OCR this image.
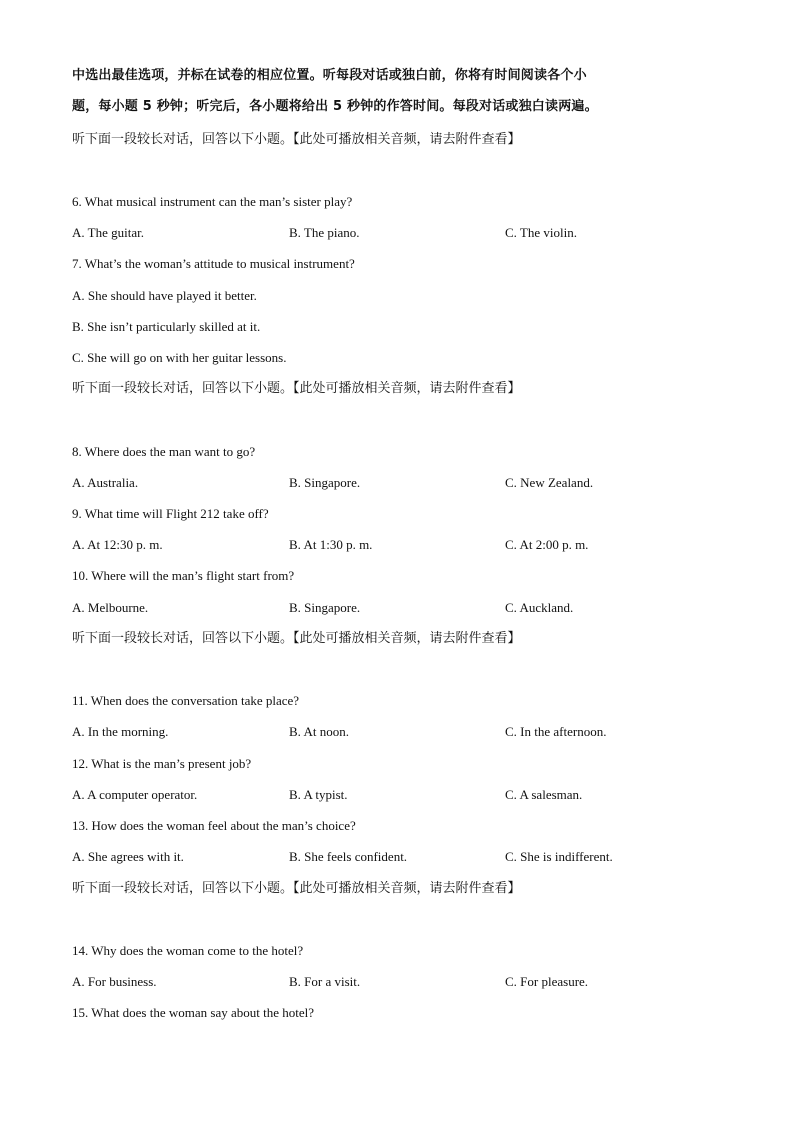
中选出最佳选项，并标在试卷的相应位置。听每段对话或独白前，你将有时间阅读各个小
题，每小题 5 秒钟；听完后，各小题将给出 5 秒钟的作答时间。每段对话或独白读两遍。
听下面一段较长对话，回答以下小题。【此处可播放相关音频，请去附件查看】
6. What musical instrument can the man’s sister play?
A. The guitar.	B. The piano.	C. The violin.
7. What’s the woman’s attitude to musical instrument?
A. She should have played it better.
B. She isn’t particularly skilled at it.
C. She will go on with her guitar lessons.
听下面一段较长对话，回答以下小题。【此处可播放相关音频，请去附件查看】
8. Where does the man want to go?
A. Australia.	B. Singapore.	C. New Zealand.
9. What time will Flight 212 take off?
A. At 12:30 p. m.	B. At 1:30 p. m.	C. At 2:00 p. m.
10. Where will the man’s flight start from?
A. Melbourne.	B. Singapore.	C. Auckland.
听下面一段较长对话，回答以下小题。【此处可播放相关音频，请去附件查看】
11. When does the conversation take place?
A. In the morning.	B. At noon.	C. In the afternoon.
12. What is the man’s present job?
A. A computer operator.	B. A typist.	C. A salesman.
13. How does the woman feel about the man’s choice?
A. She agrees with it.	B. She feels confident.	C. She is indifferent.
听下面一段较长对话，回答以下小题。【此处可播放相关音频，请去附件查看】
14. Why does the woman come to the hotel?
A. For business.	B. For a visit.	C. For pleasure.
15. What does the woman say about the hotel?
